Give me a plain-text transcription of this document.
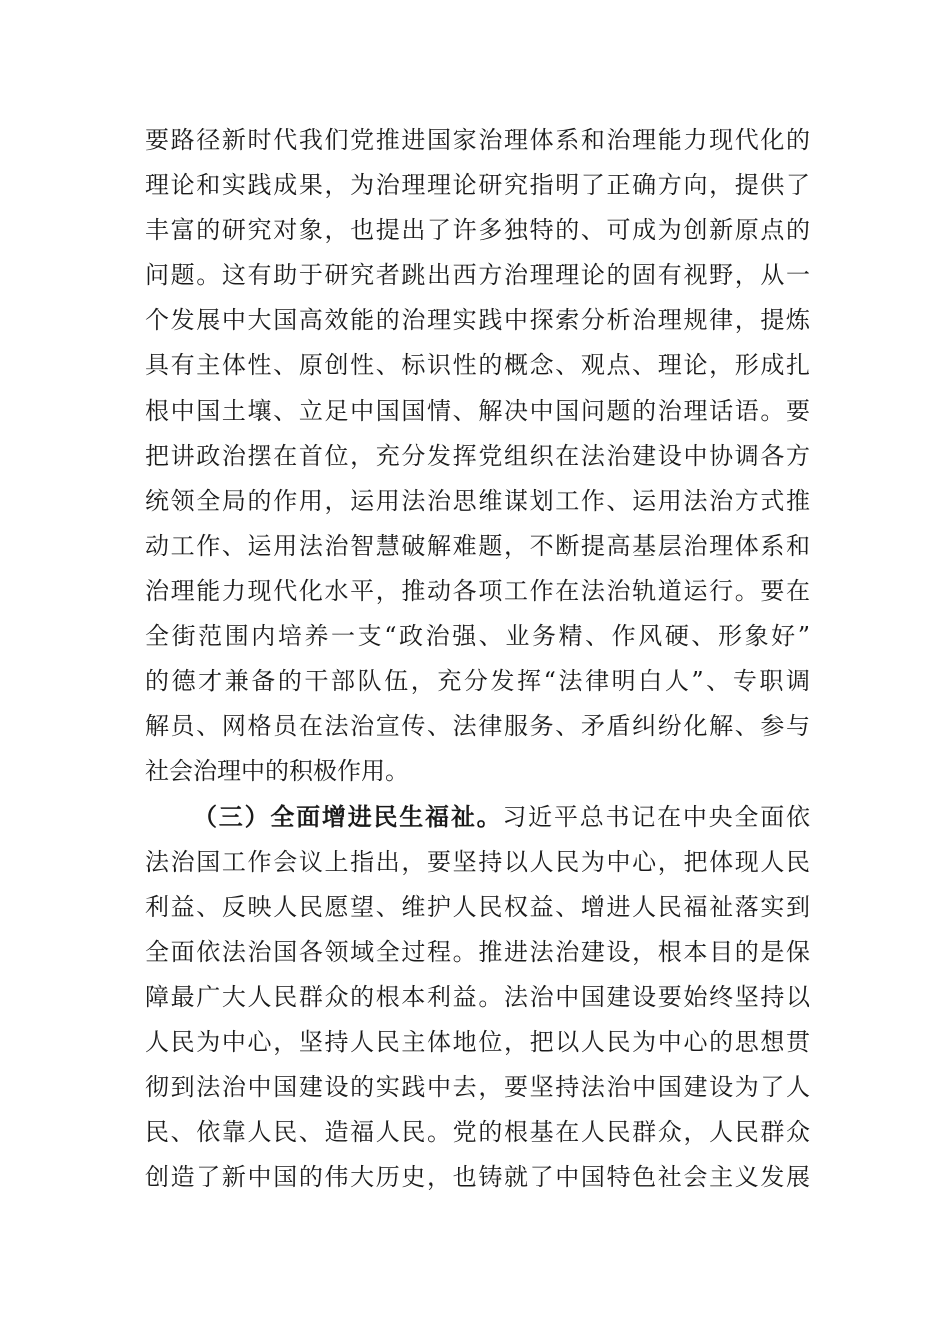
要路径新时代我们党推进国家治理体系和治理能力现代化的
理论和实践成果，为治理理论研究指明了正确方向，提供了
丰富的研究对象，也提出了许多独特的、可成为创新原点的
问题。这有助于研究者跳出西方治理理论的固有视野，从一
个发展中大国高效能的治理实践中探索分析治理规律，提炼
具有主体性、原创性、标识性的概念、观点、理论，形成扎
根中国土壤、立足中国国情、解决中国问题的治理话语。要
把讲政治摆在首位，充分发挥党组织在法治建设中协调各方
统领全局的作用，运用法治思维谋划工作、运用法治方式推
动工作、运用法治智慧破解难题，不断提高基层治理体系和
治理能力现代化水平，推动各项工作在法治轨道运行。要在
全街范围内培养一支“政治强、业务精、作风硬、形象好”
的德才兼备的干部队伍，充分发挥“法律明白人”、专职调
解员、网格员在法治宣传、法律服务、矛盾纠纷化解、参与
社会治理中的积极作用。
（三）全面增进民生福祉。习近平总书记在中央全面依
法治国工作会议上指出，要坚持以人民为中心，把体现人民
利益、反映人民愿望、维护人民权益、增进人民福祉落实到
全面依法治国各领域全过程。推进法治建设，根本目的是保
障最广大人民群众的根本利益。法治中国建设要始终坚持以
人民为中心，坚持人民主体地位，把以人民为中心的思想贯
彻到法治中国建设的实践中去，要坚持法治中国建设为了人
民、依靠人民、造福人民。党的根基在人民群众，人民群众
创造了新中国的伟大历史，也铸就了中国特色社会主义发展
